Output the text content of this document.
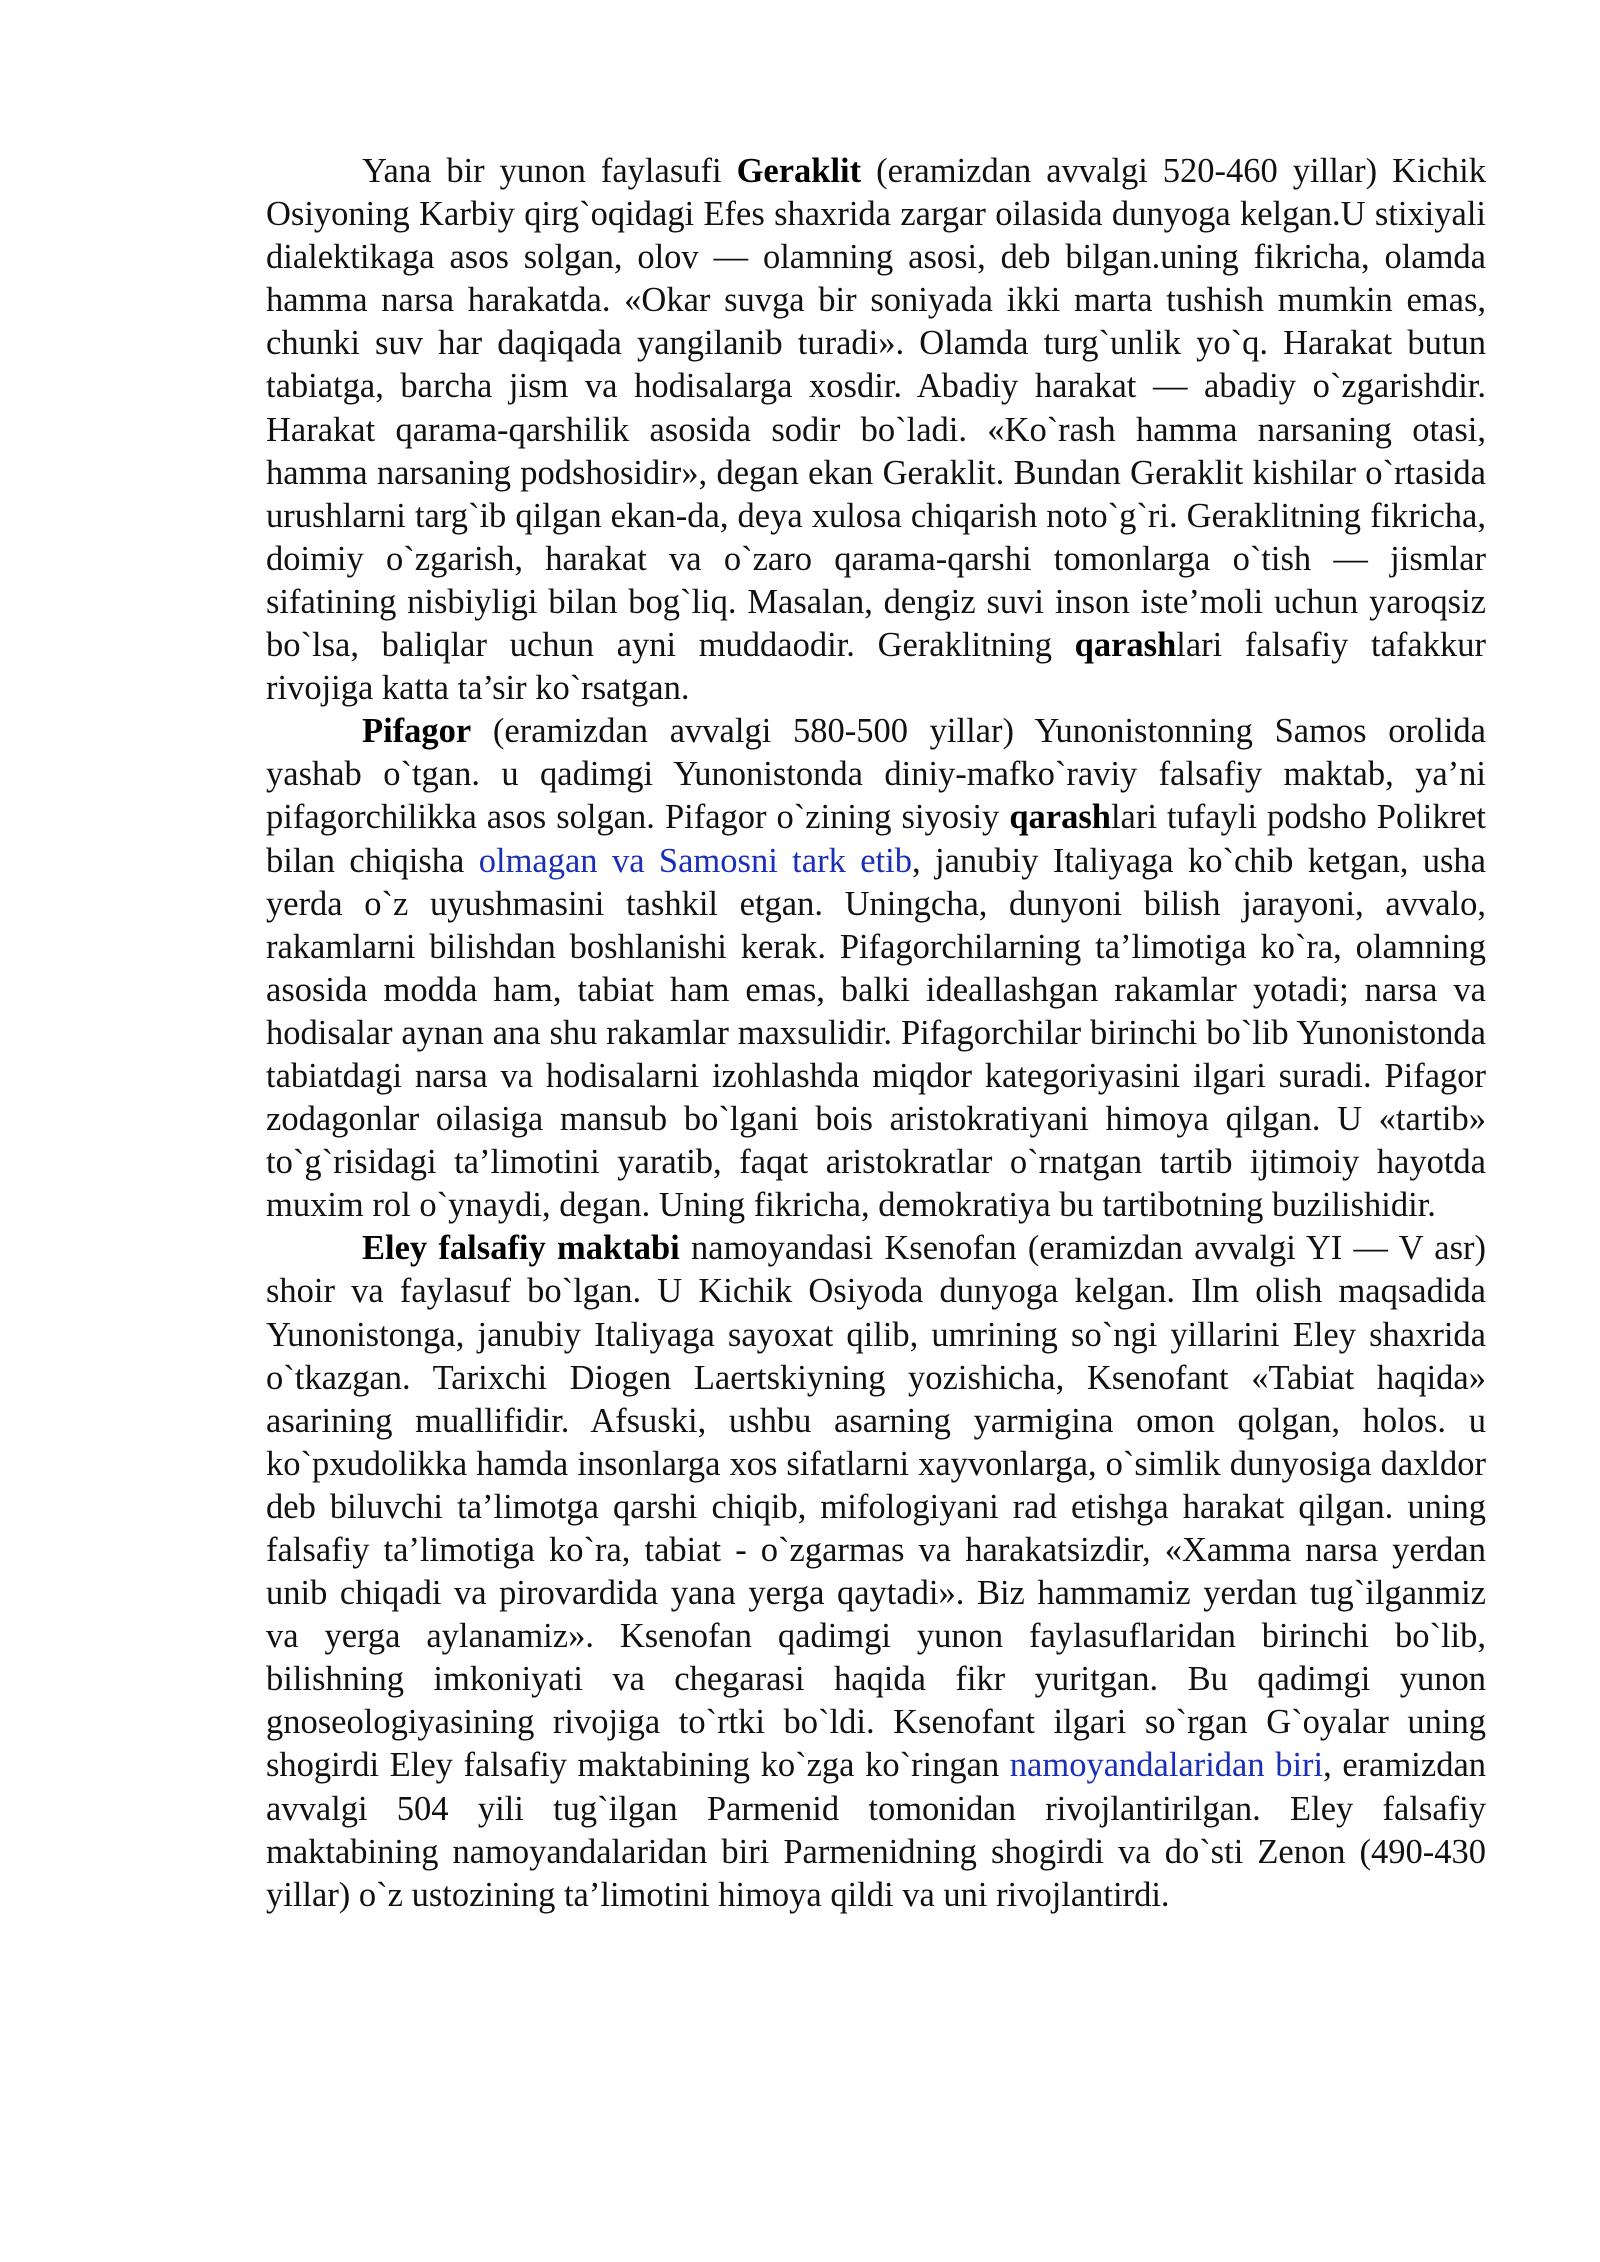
Yana bir yunon faylasufi Geraklit (eramizdan avvalgi 520-460 yillar) Kichik Osiyoning Karbiy qirg`oqidagi Efes shaxrida zargar oilasida dunyoga kelgan.U stixiyali dialektikaga asos solgan, olov — olamning asosi, deb bilgan.uning fikricha, olamda hamma narsa harakatda. «Okar suvga bir soniyada ikki marta tushish mumkin emas, chunki suv har daqiqada yangilanib turadi». Olamda turg`unlik yo`q. Harakat butun tabiatga, barcha jism va hodisalarga xosdir. Abadiy harakat — abadiy o`zgarishdir. Harakat qarama-qarshilik asosida sodir bo`ladi. «Ko`rash hamma narsaning otasi, hamma narsaning podshosidir», degan ekan Geraklit. Bundan Geraklit kishilar o`rtasida urushlarni targ`ib qilgan ekan-da, deya xulosa chiqarish noto`g`ri. Geraklitning fikricha, doimiy o`zgarish, harakat va o`zaro qarama-qarshi tomonlarga o`tish — jismlar sifatining nisbiyligi bilan bog`liq. Masalan, dengiz suvi inson iste’moli uchun yaroqsiz bo`lsa, baliqlar uchun ayni muddaodir. Geraklitning qarashlari falsafiy tafakkur rivojiga katta ta’sir ko`rsatgan.

Pifagor (eramizdan avvalgi 580-500 yillar) Yunonistonning Samos orolida yashab o`tgan. u qadimgi Yunonistonda diniy-mafko`raviy falsafiy maktab, ya’ni pifagorchilikka asos solgan. Pifagor o`zining siyosiy qarashlari tufayli podsho Polikret bilan chiqisha olmagan va Samosni tark etib, janubiy Italiyaga ko`chib ketgan, usha yerda o`z uyushmasini tashkil etgan. Uningcha, dunyoni bilish jarayoni, avvalo, rakamlarni bilishdan boshlanishi kerak. Pifagorchilarning ta’limotiga ko`ra, olamning asosida modda ham, tabiat ham emas, balki ideallashgan rakamlar yotadi; narsa va hodisalar aynan ana shu rakamlar maxsulidir. Pifagorchilar birinchi bo`lib Yunonistonda tabiatdagi narsa va hodisalarni izohlashda miqdor kategoriyasini ilgari suradi. Pifagor zodagonlar oilasiga mansub bo`lgani bois aristokratiyani himoya qilgan. U «tartib» to`g`risidagi ta’limotini yaratib, faqat aristokratlar o`rnatgan tartib ijtimoiy hayotda muxim rol o`ynaydi, degan. Uning fikricha, demokratiya bu tartibotning buzilishidir.

Eley falsafiy maktabi namoyandasi Ksenofan (eramizdan avvalgi YI — V asr) shoir va faylasuf bo`lgan. U Kichik Osiyoda dunyoga kelgan. Ilm olish maqsadida Yunonistonga, janubiy Italiyaga sayoxat qilib, umrining so`ngi yillarini Eley shaxrida o`tkazgan. Tarixchi Diogen Laertskiyning yozishicha, Ksenofant «Tabiat haqida» asarining muallifidir. Afsuski, ushbu asarning yarmigina omon qolgan, holos. u ko`pxudolikka hamda insonlarga xos sifatlarni xayvonlarga, o`simlik dunyosiga daxldor deb biluvchi ta’limotga qarshi chiqib, mifologiyani rad etishga harakat qilgan. uning falsafiy ta’limotiga ko`ra, tabiat - o`zgarmas va harakatsizdir, «Xamma narsa yerdan unib chiqadi va pirovardida yana yerga qaytadi». Biz hammamiz yerdan tug`ilganmiz va yerga aylanamiz». Ksenofan qadimgi yunon faylasuflaridan birinchi bo`lib, bilishning imkoniyati va chegarasi haqida fikr yuritgan. Bu qadimgi yunon gnoseologiyasining rivojiga to`rtki bo`ldi. Ksenofant ilgari so`rgan G`oyalar uning shogirdi Eley falsafiy maktabining ko`zga ko`ringan namoyandalaridan biri, eramizdan avvalgi 504 yili tug`ilgan Parmenid tomonidan rivojlantirilgan. Eley falsafiy maktabining namoyandalaridan biri Parmenidning shogirdi va do`sti Zenon (490-430 yillar) o`z ustozining ta’limotini himoya qildi va uni rivojlantirdi.
